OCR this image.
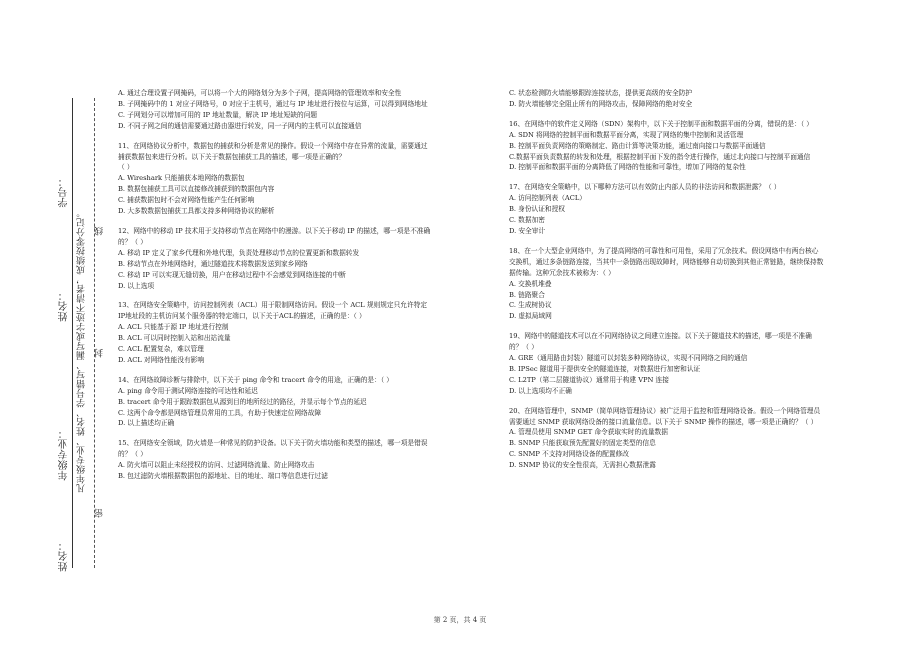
姓名：
年级专业：
姓名：
学号：
凡年级专业、姓名、学号错写、漏写或字迹不清者，成绩按零分记。
密
封
线

A. 通过合理设置子网掩码，可以将一个大的网络划分为多个子网，提高网络的管理效率和安全性

B. 子网掩码中的 1 对应子网络号，0 对应于主机号，通过与 IP 地址进行按位与运算，可以得到网络地址

C. 子网划分可以增加可用的 IP 地址数量，解决 IP 地址短缺的问题

D. 不同子网之间的通信需要通过路由器进行转发，同一子网内的主机可以直接通信

11、在网络协议分析中，数据包的捕获和分析是常见的操作。假设一个网络中存在异常的流量，需要通过捕获数据包来进行分析。以下关于数据包捕获工具的描述，哪一项是正确的？

（ ）

A. Wireshark 只能捕获本地网络的数据包

B. 数据包捕获工具可以直接修改捕获到的数据包内容

C. 捕获数据包时不会对网络性能产生任何影响

D. 大多数数据包捕获工具都支持多种网络协议的解析

12、网络中的移动 IP 技术用于支持移动节点在网络中的漫游。以下关于移动 IP 的描述，哪一项是不准确的？（ ）

A. 移动 IP 定义了家乡代理和外地代理，负责处理移动节点的位置更新和数据转发

B. 移动节点在外地网络时，通过隧道技术将数据发送到家乡网络

C. 移动 IP 可以实现无缝切换，用户在移动过程中不会感觉到网络连接的中断

D. 以上选项

13、在网络安全策略中，访问控制列表（ACL）用于限制网络访问。假设一个 ACL 规则规定只允许特定IP地址段的主机访问某个服务器的特定端口，以下关于ACL的描述，正确的是：（ ）

A. ACL 只能基于源 IP 地址进行控制

B. ACL 可以同时控制入站和出站流量

C. ACL 配置复杂，难以管理

D. ACL 对网络性能没有影响

14、在网络故障诊断与排除中，以下关于 ping 命令和 tracert 命令的用途，正确的是：（ ）

A. ping 命令用于测试网络连接的可达性和延迟

B. tracert 命令用于跟踪数据包从源到目的地所经过的路径，并显示每个节点的延迟

C. 这两个命令都是网络管理员常用的工具，有助于快速定位网络故障

D. 以上描述均正确

15、在网络安全领域，防火墙是一种常见的防护设备。以下关于防火墙功能和类型的描述，哪一项是错误的？（ ）

A. 防火墙可以阻止未经授权的访问、过滤网络流量、防止网络攻击

B. 包过滤防火墙根据数据包的源地址、目的地址、端口等信息进行过滤

C. 状态检测防火墙能够跟踪连接状态，提供更高级的安全防护

D. 防火墙能够完全阻止所有的网络攻击，保障网络的绝对安全

16、在网络中的软件定义网络（SDN）架构中，以下关于控制平面和数据平面的分离，错误的是：（ ）

A. SDN 将网络的控制平面和数据平面分离，实现了网络的集中控制和灵活管理

B. 控制平面负责网络的策略制定、路由计算等决策功能，通过南向接口与数据平面通信

C.数据平面负责数据的转发和处理，根据控制平面下发的指令进行操作，通过北向接口与控制平面通信

D. 控制平面和数据平面的分离降低了网络的性能和可靠性，增加了网络的复杂性

17、在网络安全策略中，以下哪种方法可以有效防止内部人员的非法访问和数据泄露？（ ）

A. 访问控制列表（ACL）

B. 身份认证和授权

C. 数据加密

D. 安全审计

18、在一个大型企业网络中，为了提高网络的可靠性和可用性，采用了冗余技术。假设网络中有两台核心交换机，通过多条链路连接，当其中一条链路出现故障时，网络能够自动切换到其他正常链路，继续保持数据传输。这种冗余技术被称为：（ ）

A. 交换机堆叠

B. 链路聚合

C. 生成树协议

D. 虚拟局域网

19、网络中的隧道技术可以在不同网络协议之间建立连接。以下关于隧道技术的描述，哪一项是不准确的？（ ）

A. GRE（通用路由封装）隧道可以封装多种网络协议，实现不同网络之间的通信

B. IPSec 隧道用于提供安全的隧道连接，对数据进行加密和认证

C. L2TP（第二层隧道协议）通常用于构建 VPN 连接

D. 以上选项均不正确

20、在网络管理中，SNMP（简单网络管理协议）被广泛用于监控和管理网络设备。假设一个网络管理员需要通过 SNMP 获取网络设备的接口流量信息。以下关于 SNMP 操作的描述，哪一项是正确的？（ ）

A. 管理员使用 SNMP GET 命令获取实时的流量数据

B. SNMP 只能获取预先配置好的固定类型的信息

C. SNMP 不支持对网络设备的配置修改

D. SNMP 协议的安全性很高，无需担心数据泄露

第 2 页，共 4 页
